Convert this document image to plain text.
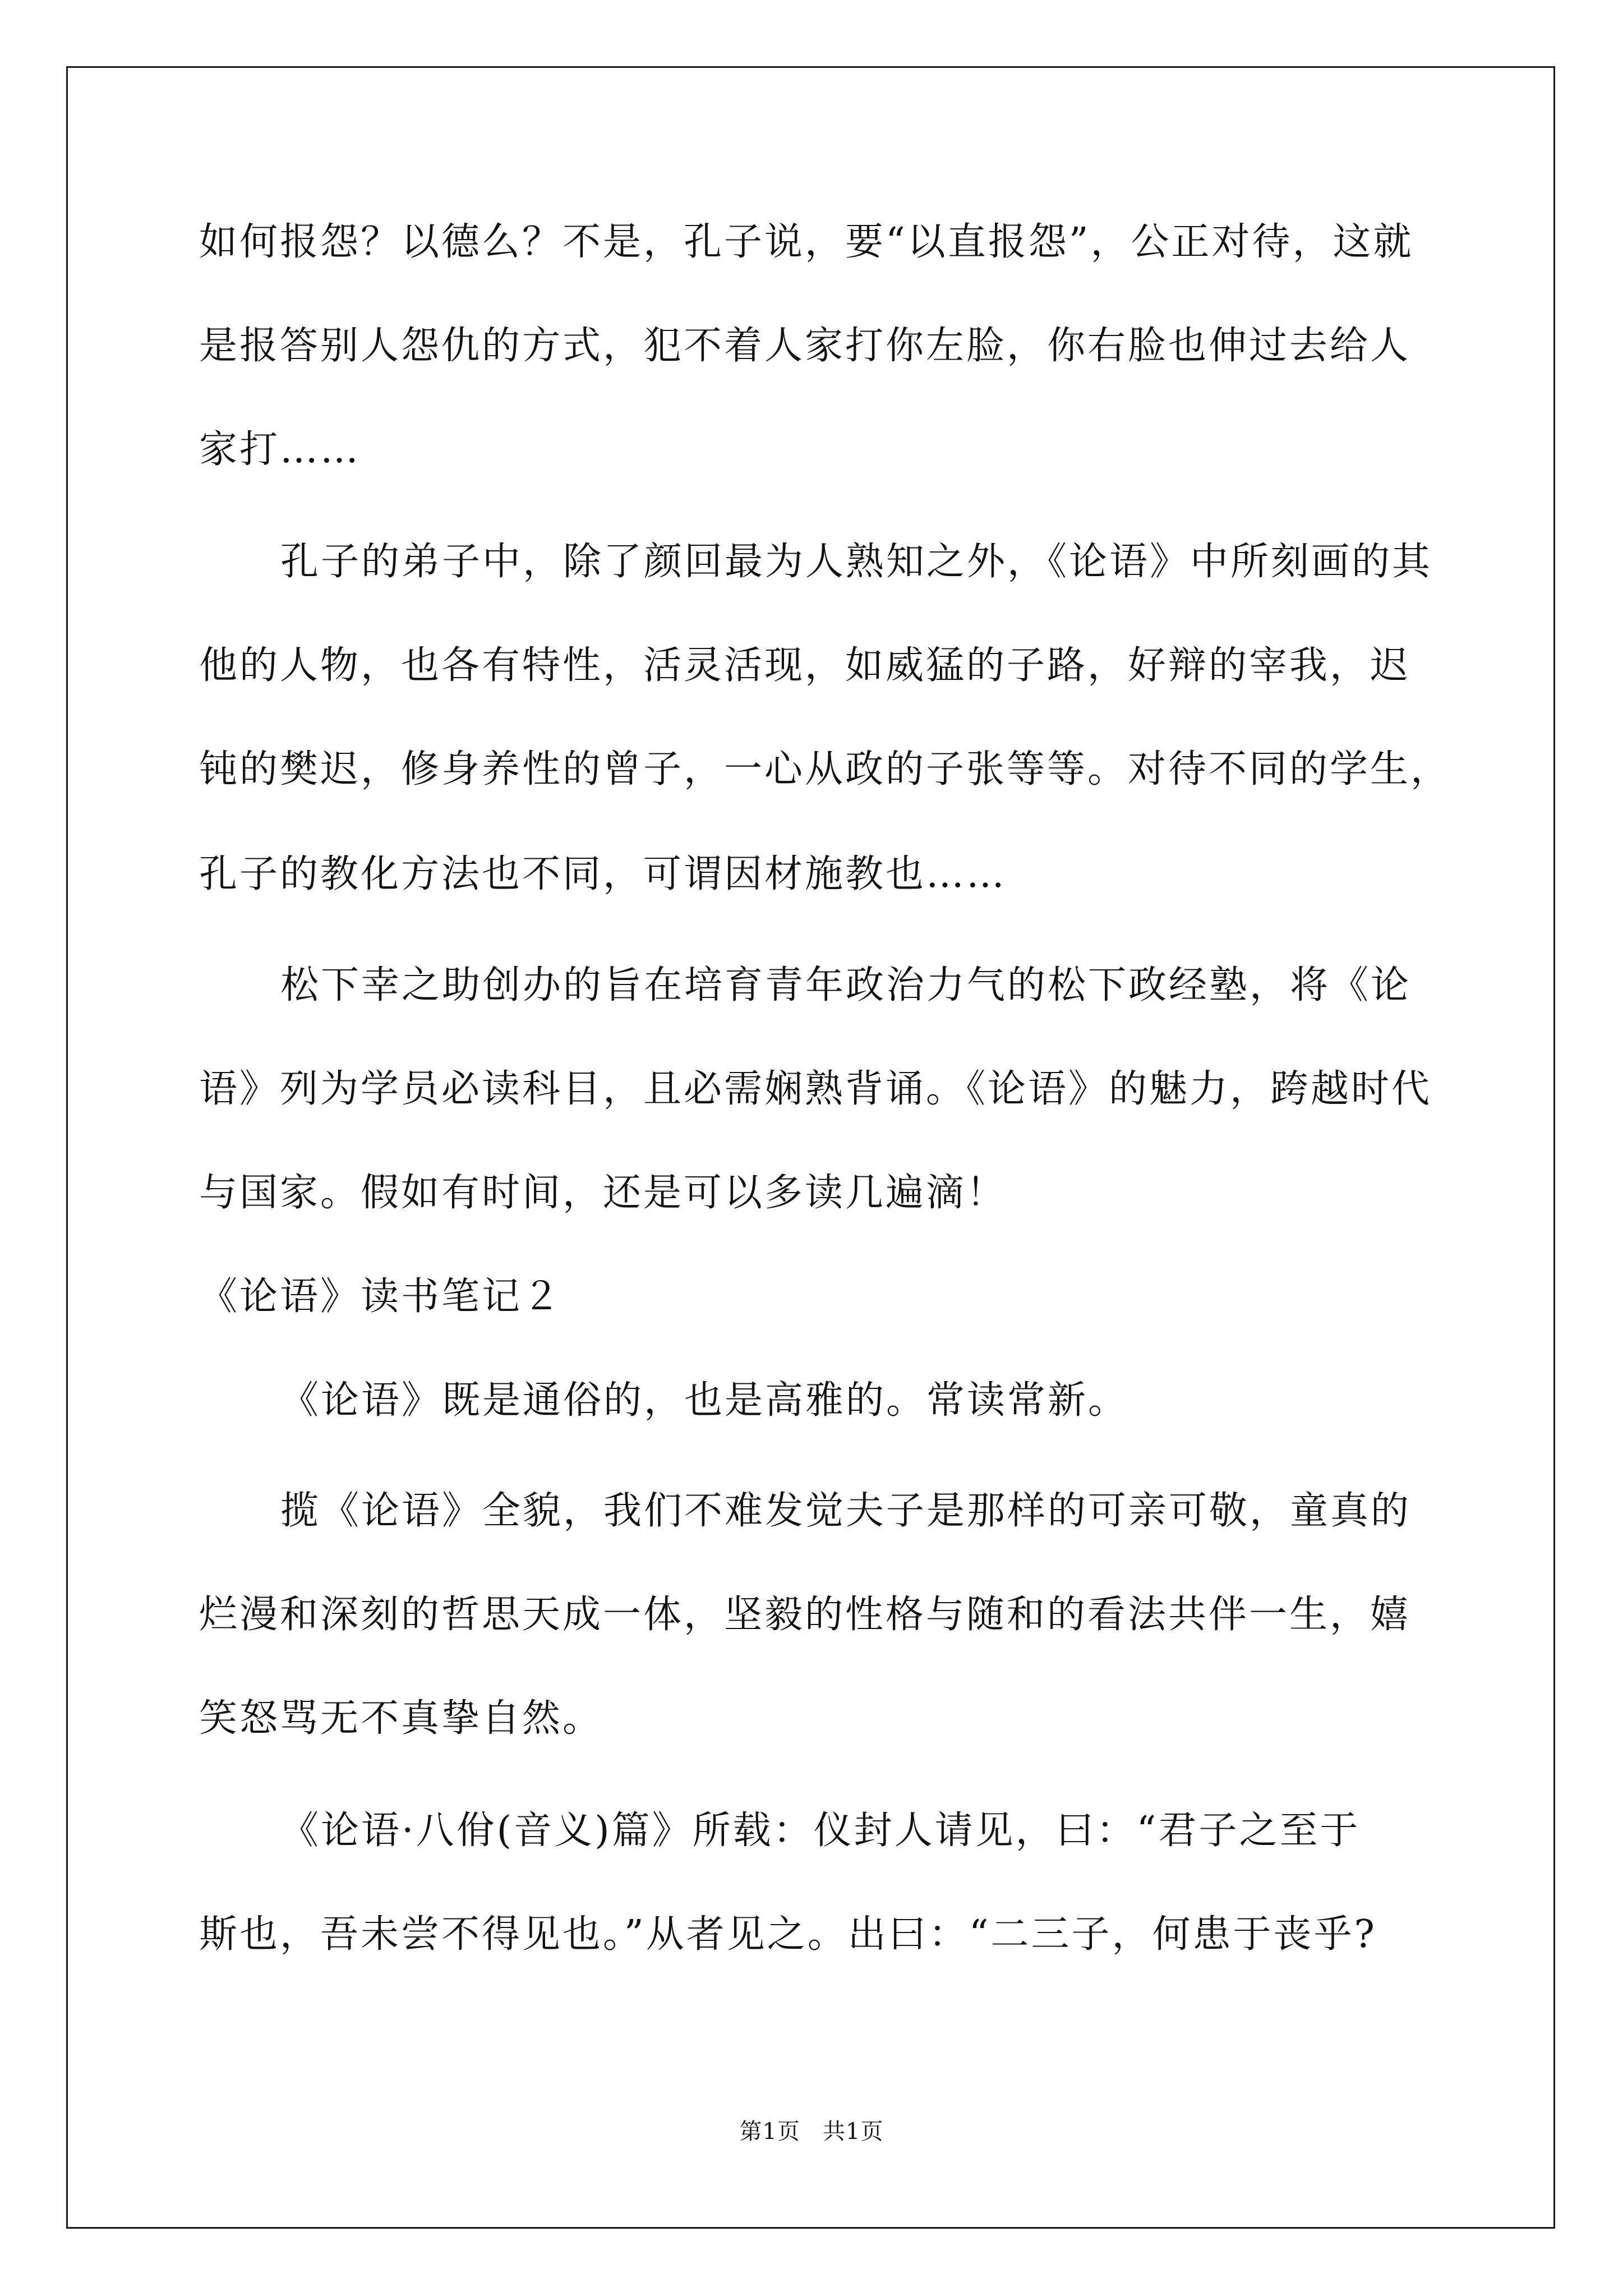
如何报怨？以德么？不是，孔子说，要“以直报怨”，公正对待，这就
是报答别人怨仇的方式，犯不着人家打你左脸，你右脸也伸过去给人
家打……
孔子的弟子中，除了颜回最为人熟知之外，《论语》中所刻画的其
他的人物，也各有特性，活灵活现，如威猛的子路，好辩的宰我，迟
钝的樊迟，修身养性的曾子，一心从政的子张等等。对待不同的学生，
孔子的教化方法也不同，可谓因材施教也……
松下幸之助创办的旨在培育青年政治力气的松下政经塾，将《论
语》列为学员必读科目，且必需娴熟背诵。《论语》的魅力，跨越时代
与国家。假如有时间，还是可以多读几遍滴！
《论语》读书笔记２
《论语》既是通俗的，也是高雅的。常读常新。
揽《论语》全貌，我们不难发觉夫子是那样的可亲可敬，童真的
烂漫和深刻的哲思天成一体，坚毅的性格与随和的看法共伴一生，嬉
笑怒骂无不真挚自然。
《论语·八佾(音义)篇》所载：仪封人请见，曰：“君子之至于
斯也，吾未尝不得见也。”从者见之。出曰：“二三子，何患于丧乎?
第1页 共1页
